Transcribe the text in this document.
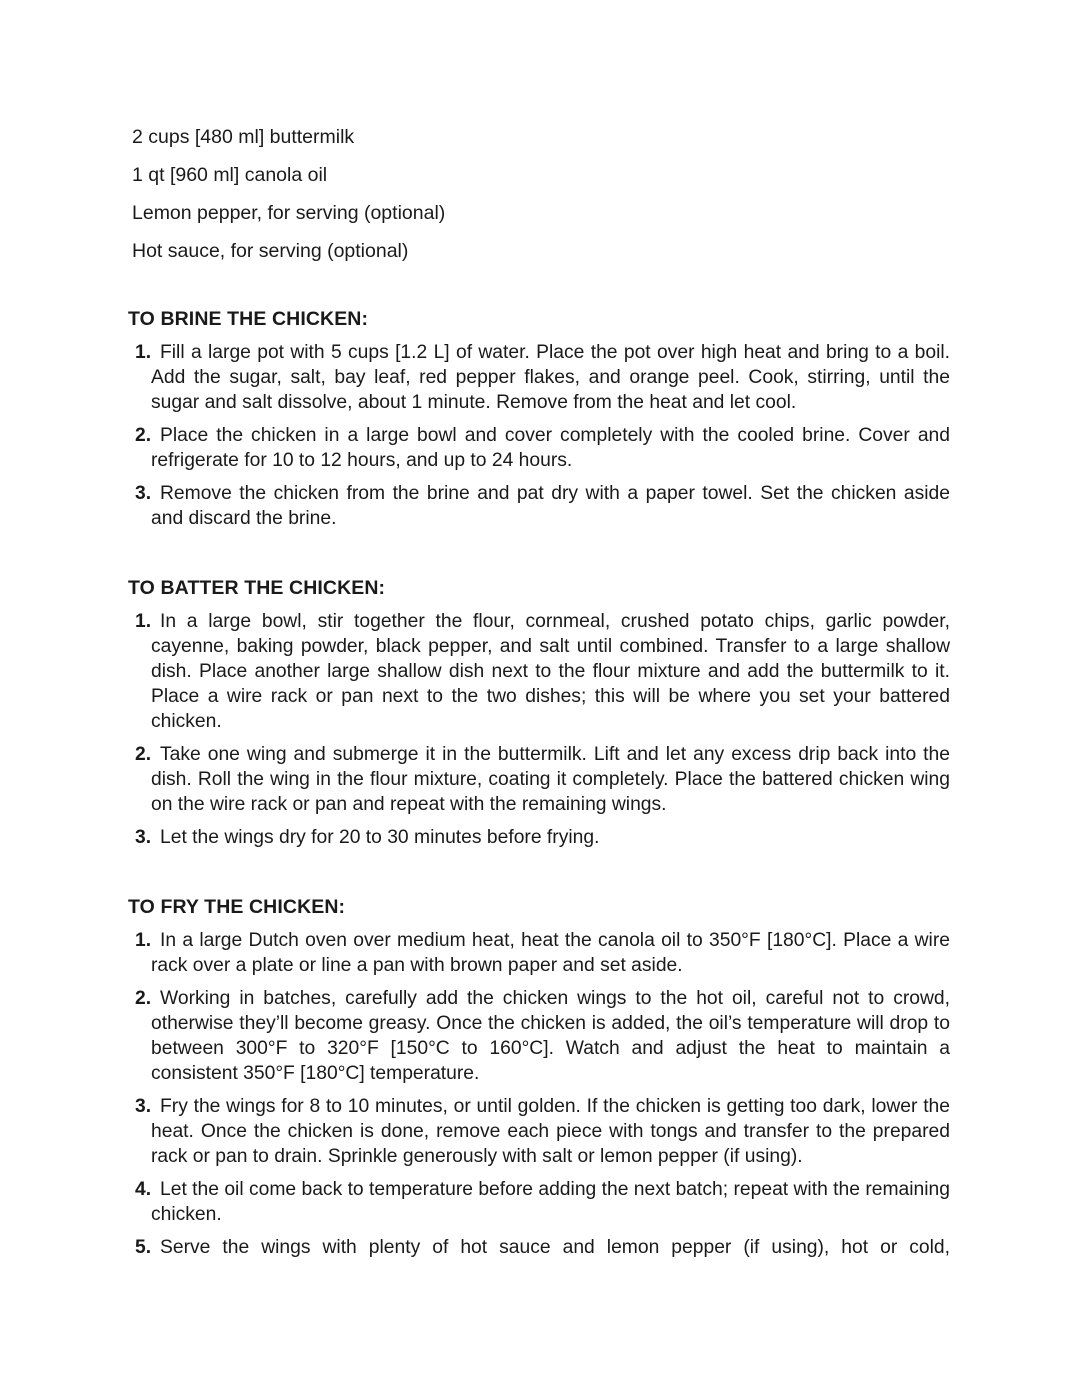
2 cups [480 ml] buttermilk
1 qt [960 ml] canola oil
Lemon pepper, for serving (optional)
Hot sauce, for serving (optional)
TO BRINE THE CHICKEN:
1. Fill a large pot with 5 cups [1.2 L] of water. Place the pot over high heat and bring to a boil. Add the sugar, salt, bay leaf, red pepper flakes, and orange peel. Cook, stirring, until the sugar and salt dissolve, about 1 minute. Remove from the heat and let cool.
2. Place the chicken in a large bowl and cover completely with the cooled brine. Cover and refrigerate for 10 to 12 hours, and up to 24 hours.
3. Remove the chicken from the brine and pat dry with a paper towel. Set the chicken aside and discard the brine.
TO BATTER THE CHICKEN:
1. In a large bowl, stir together the flour, cornmeal, crushed potato chips, garlic powder, cayenne, baking powder, black pepper, and salt until combined. Transfer to a large shallow dish. Place another large shallow dish next to the flour mixture and add the buttermilk to it. Place a wire rack or pan next to the two dishes; this will be where you set your battered chicken.
2. Take one wing and submerge it in the buttermilk. Lift and let any excess drip back into the dish. Roll the wing in the flour mixture, coating it completely. Place the battered chicken wing on the wire rack or pan and repeat with the remaining wings.
3. Let the wings dry for 20 to 30 minutes before frying.
TO FRY THE CHICKEN:
1. In a large Dutch oven over medium heat, heat the canola oil to 350°F [180°C]. Place a wire rack over a plate or line a pan with brown paper and set aside.
2. Working in batches, carefully add the chicken wings to the hot oil, careful not to crowd, otherwise they’ll become greasy. Once the chicken is added, the oil’s temperature will drop to between 300°F to 320°F [150°C to 160°C]. Watch and adjust the heat to maintain a consistent 350°F [180°C] temperature.
3. Fry the wings for 8 to 10 minutes, or until golden. If the chicken is getting too dark, lower the heat. Once the chicken is done, remove each piece with tongs and transfer to the prepared rack or pan to drain. Sprinkle generously with salt or lemon pepper (if using).
4. Let the oil come back to temperature before adding the next batch; repeat with the remaining chicken.
5. Serve the wings with plenty of hot sauce and lemon pepper (if using), hot or cold,
